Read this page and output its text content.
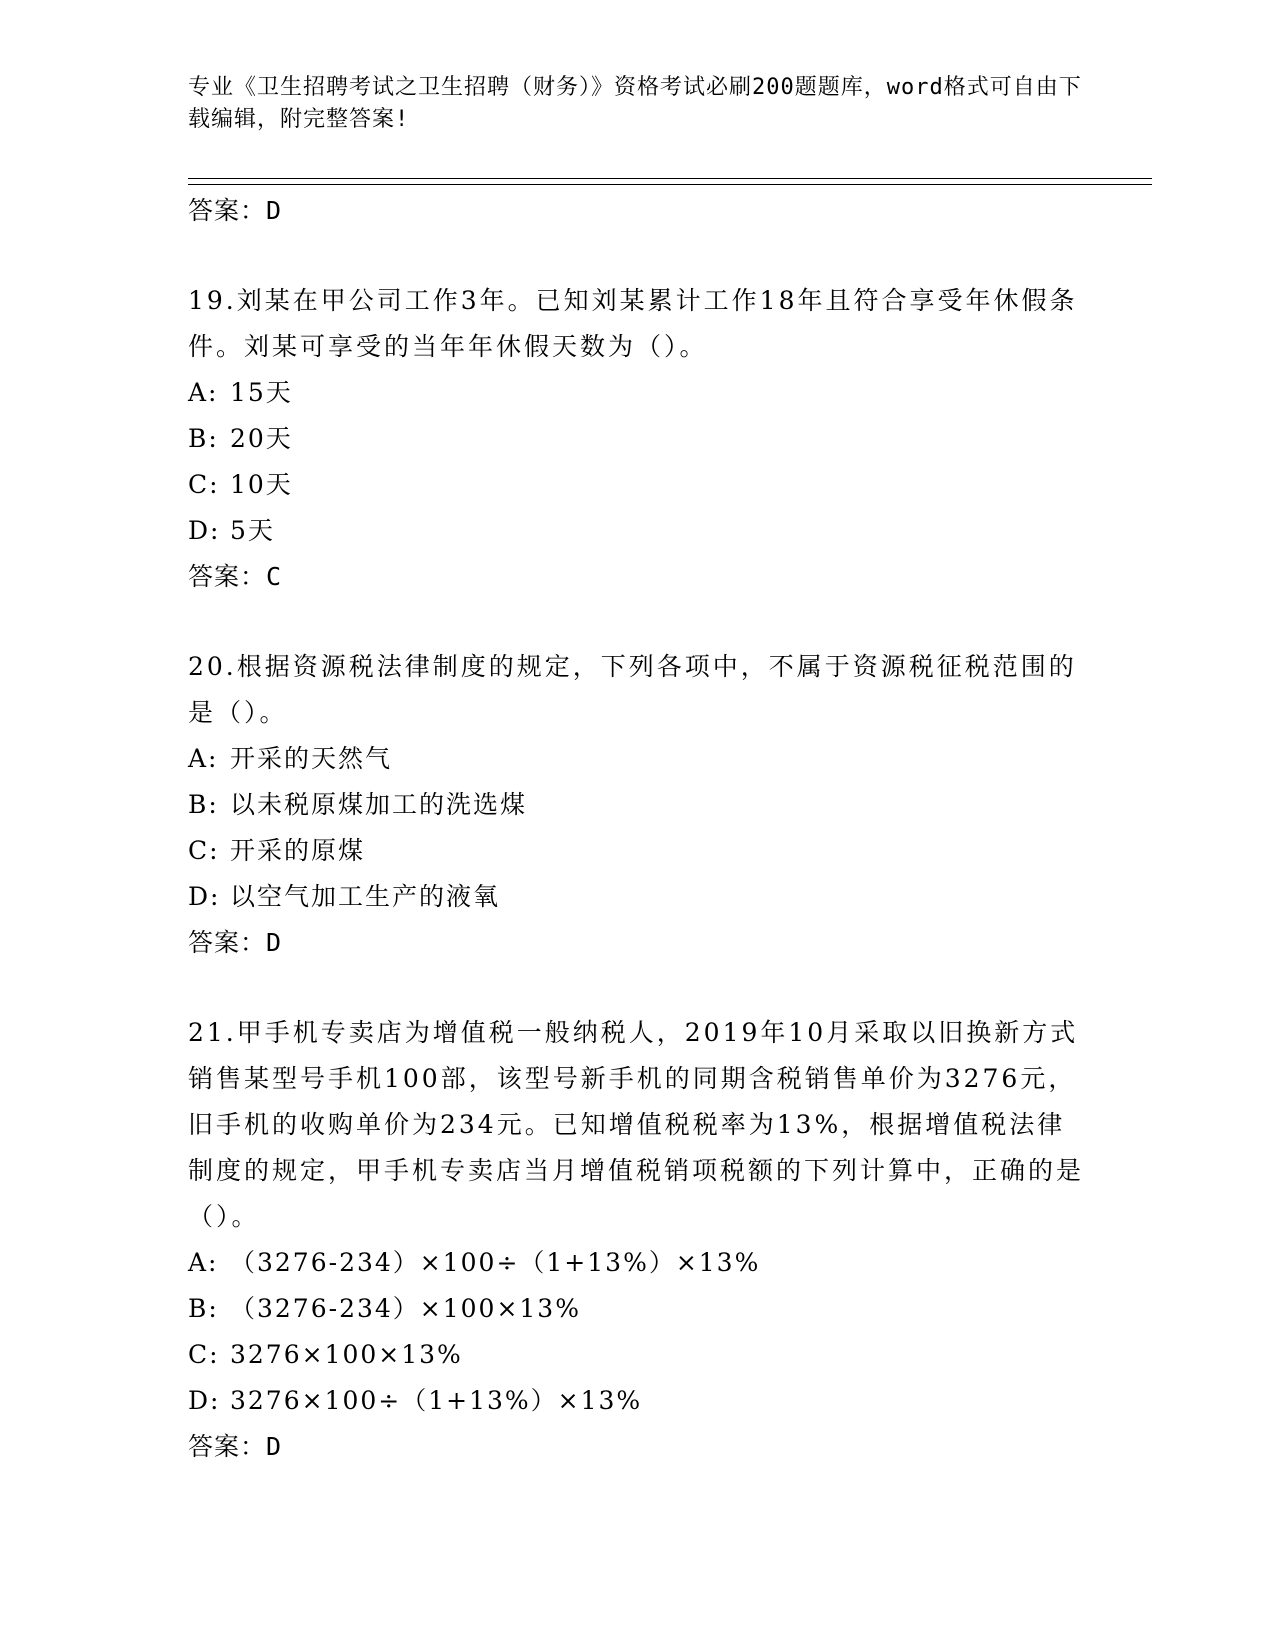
专业《卫生招聘考试之卫生招聘（财务）》资格考试必刷200题题库，word格式可自由下载编辑，附完整答案!
答案：D
19.刘某在甲公司工作3年。已知刘某累计工作18年且符合享受年休假条件。刘某可享受的当年年休假天数为（）。
A: 15天
B: 20天
C: 10天
D: 5天
答案：C
20.根据资源税法律制度的规定，下列各项中，不属于资源税征税范围的是（）。
A: 开采的天然气
B: 以未税原煤加工的洗选煤
C: 开采的原煤
D: 以空气加工生产的液氧
答案：D
21.甲手机专卖店为增值税一般纳税人，2019年10月采取以旧换新方式销售某型号手机100部，该型号新手机的同期含税销售单价为3276元，旧手机的收购单价为234元。已知增值税税率为13%，根据增值税法律制度的规定，甲手机专卖店当月增值税销项税额的下列计算中，正确的是（）。
A: （3276-234）×100÷（1+13%）×13%
B: （3276-234）×100×13%
C: 3276×100×13%
D: 3276×100÷（1+13%）×13%
答案：D
